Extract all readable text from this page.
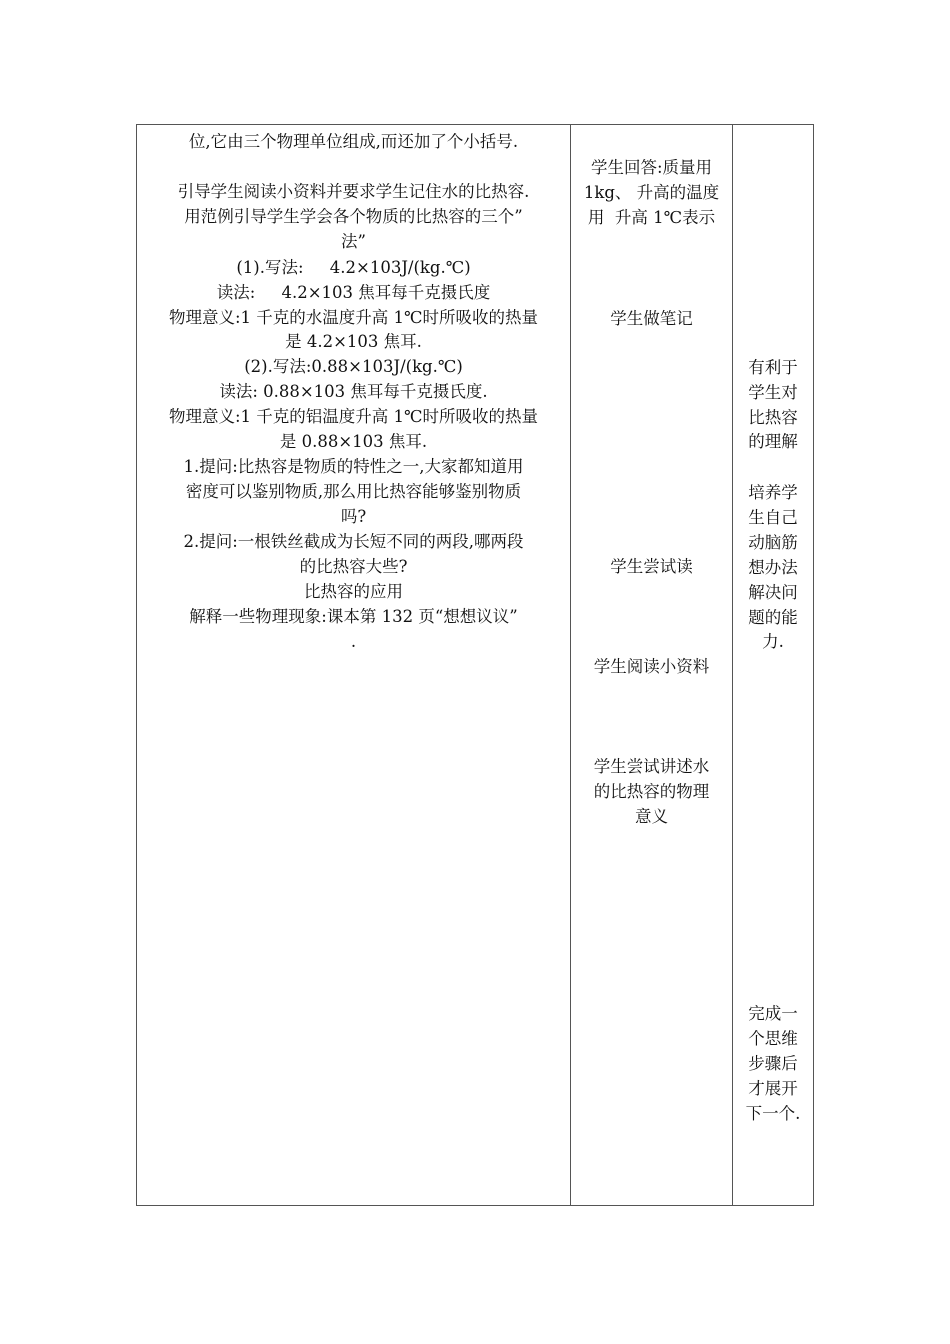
位,它由三个物理单位组成,而还加了个小括号.
引导学生阅读小资料并要求学生记住水的比热容.
用范例引导学生学会各个物质的比热容的三个”
法”
(1).写法:     4.2×103J/(kg.℃)
读法:     4.2×103 焦耳每千克摄氏度
物理意义:1 千克的水温度升高 1℃时所吸收的热量
是 4.2×103 焦耳.
(2).写法:0.88×103J/(kg.℃)
读法: 0.88×103 焦耳每千克摄氏度.
物理意义:1 千克的铝温度升高 1℃时所吸收的热量
是 0.88×103 焦耳.
1.提问:比热容是物质的特性之一,大家都知道用
密度可以鉴别物质,那么用比热容能够鉴别物质
吗?
2.提问:一根铁丝截成为长短不同的两段,哪两段
的比热容大些?
比热容的应用
解释一些物理现象:课本第 132 页“想想议议”
.
学生回答:质量用
1kg、 升高的温度
用  升高 1℃表示
学生做笔记
学生尝试读
学生阅读小资料
学生尝试讲述水
的比热容的物理
意义
有利于
学生对
比热容
的理解
培养学
生自己
动脑筋
想办法
解决问
题的能
力.
完成一
个思维
步骤后
才展开
下一个.
